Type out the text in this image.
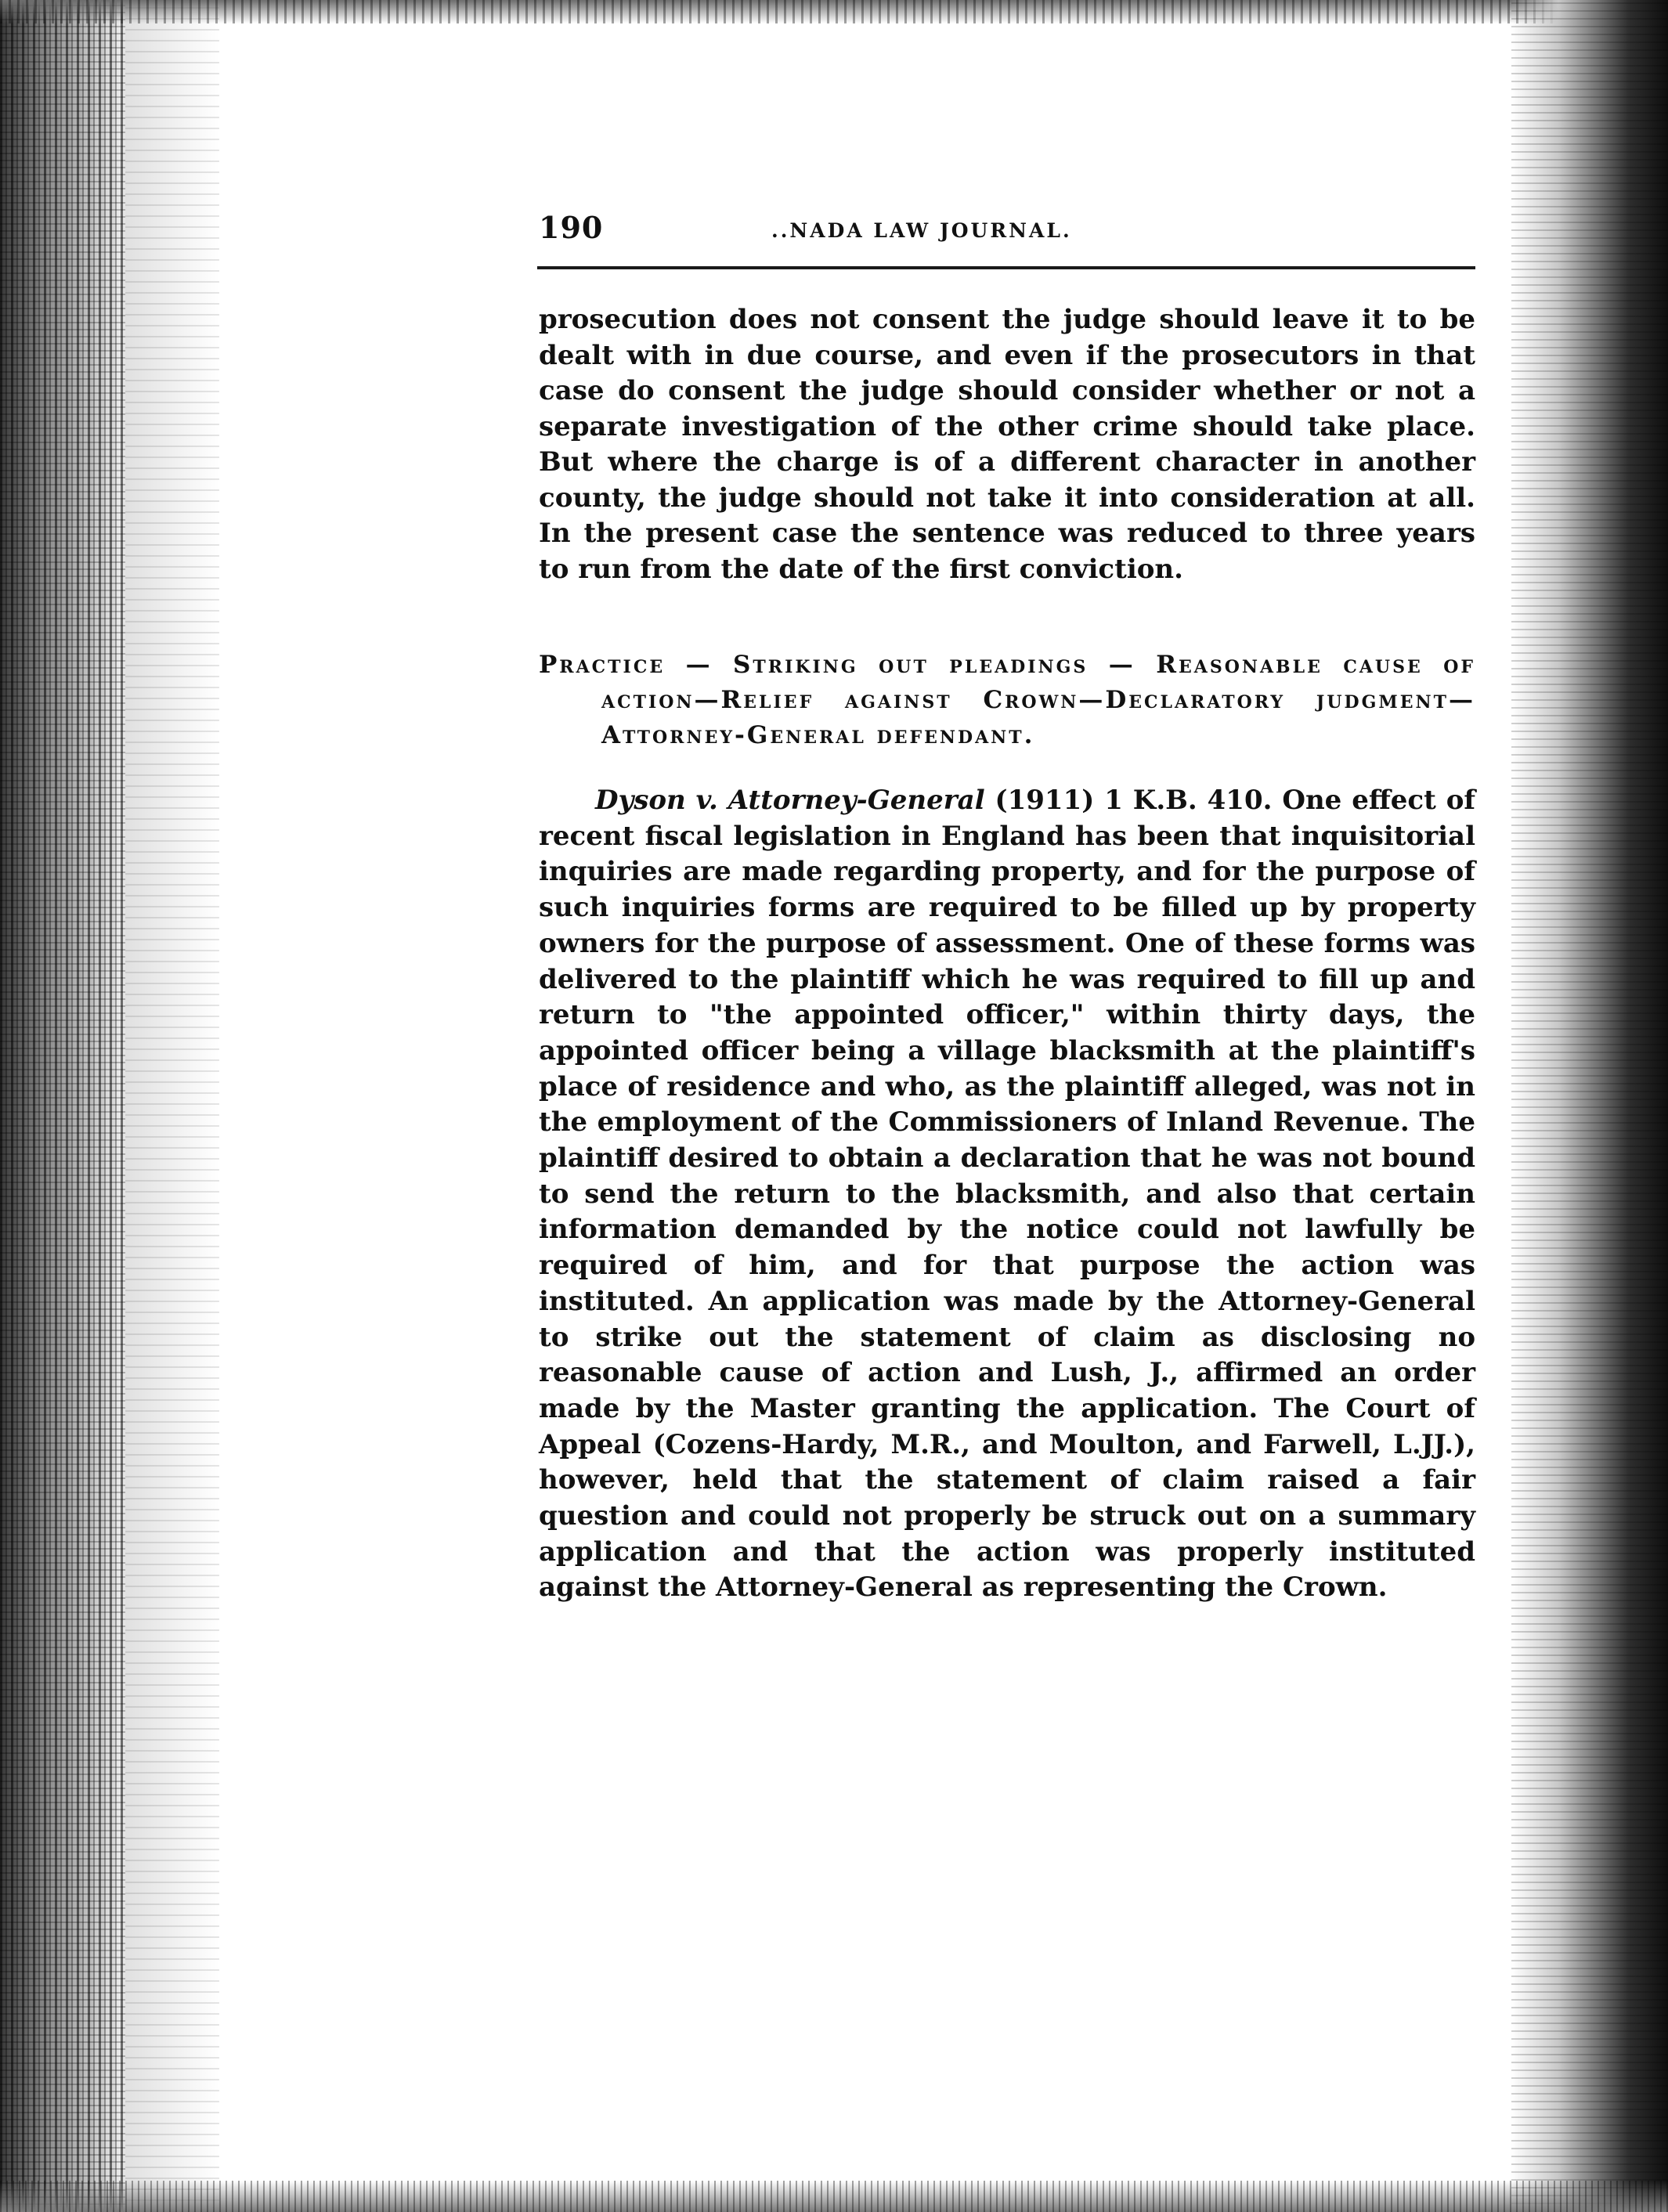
190	..NADA LAW JOURNAL.

prosecution does not consent the judge should leave it to be dealt with in due course, and even if the prosecutors in that case do consent the judge should consider whether or not a separate investigation of the other crime should take place. But where the charge is of a different character in another county, the judge should not take it into consideration at all. In the present case the sentence was reduced to three years to run from the date of the first conviction.

Practice — Striking out pleadings — Reasonable cause of action—Relief against Crown—Declaratory judgment—Attorney-General defendant.

Dyson v. Attorney-General (1911) 1 K.B. 410. One effect of recent fiscal legislation in England has been that inquisitorial inquiries are made regarding property, and for the purpose of such inquiries forms are required to be filled up by property owners for the purpose of assessment. One of these forms was delivered to the plaintiff which he was required to fill up and return to "the appointed officer," within thirty days, the appointed officer being a village blacksmith at the plaintiff's place of residence and who, as the plaintiff alleged, was not in the employment of the Commissioners of Inland Revenue. The plaintiff desired to obtain a declaration that he was not bound to send the return to the blacksmith, and also that certain information demanded by the notice could not lawfully be required of him, and for that purpose the action was instituted. An application was made by the Attorney-General to strike out the statement of claim as disclosing no reasonable cause of action and Lush, J., affirmed an order made by the Master granting the application. The Court of Appeal (Cozens-Hardy, M.R., and Moulton, and Farwell, L.JJ.), however, held that the statement of claim raised a fair question and could not properly be struck out on a summary application and that the action was properly instituted against the Attorney-General as representing the Crown.
